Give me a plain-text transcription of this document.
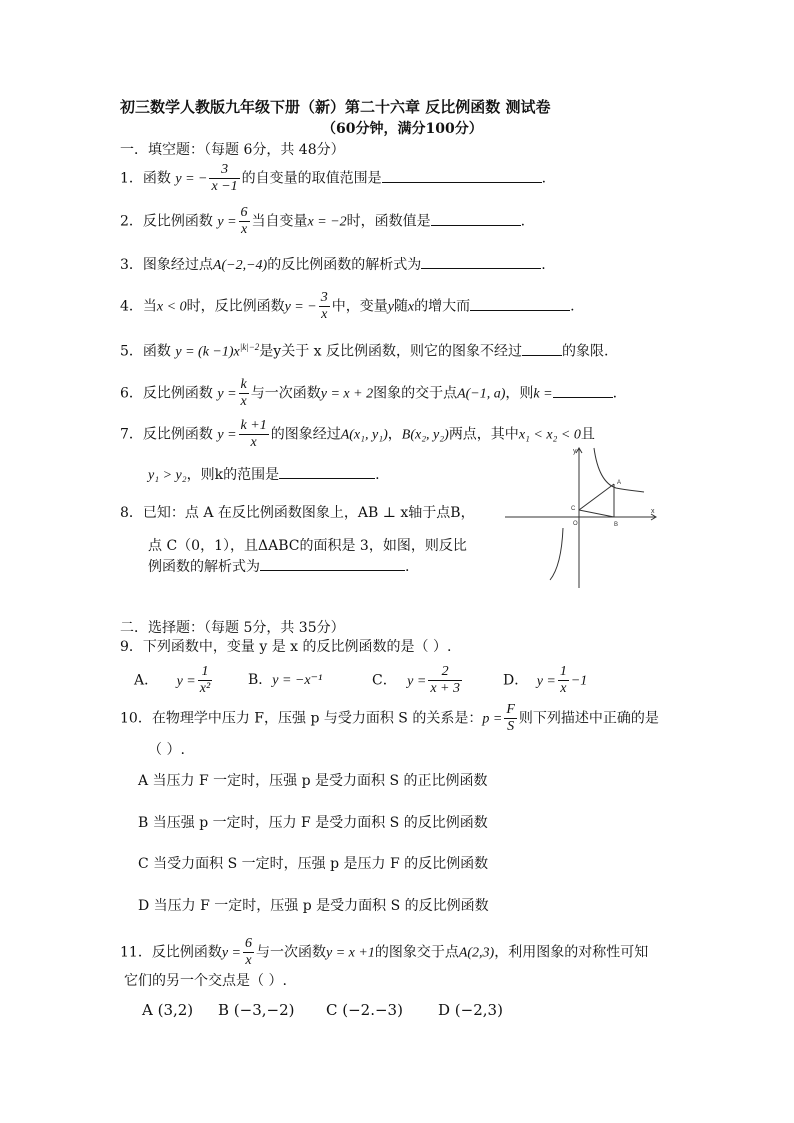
初三数学人教版九年级下册（新）第二十六章 反比例函数 测试卷
（60分钟，满分100分）
一．填空题：（每题 6分，共 48分）
1．函数 y = − $\frac{3}{x -1}$ 的自变量的取值范围是	.
2．反比例函数 $y = \frac{6}{x}$ 当自变量x = −2时，函数值是	.
3．图象经过点A(−2,−4)的反比例函数的解析式为	.
4．当x < 0时，反比例函数y = − $\frac{3}{x}$ 中，变量y随x的增大而	.
5．函数 $y = (k -1)x^{|k|-2}$是y关于 x 反比例函数，则它的图象不经过	的象限.
6．反比例函数 $y = \frac{k}{x}$ 与一次函数y = x + 2图象的交于点A(−1, a)，则k =	.
7．反比例函数 $y = \frac{k +1}{x}$ 的图象经过A(x₁, y₁)，B(x₂, y₂)两点，其中x₁ < x₂ < 0且
y₁ > y₂，则k的范围是	.
8．已知：点 A 在反比例函数图象上，AB ⊥ x轴于点B，
点 C（0，1），且ΔABC的面积是 3，如图，则反比
例函数的解析式为	.
y
x
O
A
B
C
二．选择题：（每题 5分，共 35分）
9．下列函数中，变量 y 是 x 的反比例函数的是（ ）.
A． $y = \frac{1}{\text{x²}}$	B．y = −x⁻¹	C． $y = \frac{2}{x + 3}$	D． $y = \frac{1}{x} -1$
10．在物理学中压力 F，压强 p 与受力面积 S 的关系是：$p = \frac{F}{S}$ 则下列描述中正确的是
（ ）.
A 当压力 F 一定时，压强 p 是受力面积 S 的正比例函数
B 当压强 p 一定时，压力 F 是受力面积 S 的反比例函数
C 当受力面积 S 一定时，压强 p 是压力 F 的反比例函数
D 当压力 F 一定时，压强 p 是受力面积 S 的反比例函数
11．反比例函数$y = \frac{6}{x}$ 与一次函数y = x +1的图象交于点A(2,3)，利用图象的对称性可知
它们的另一个交点是（ ）.
A (3,2) B (−3,−2) C (−2.−3) D (−2,3)
